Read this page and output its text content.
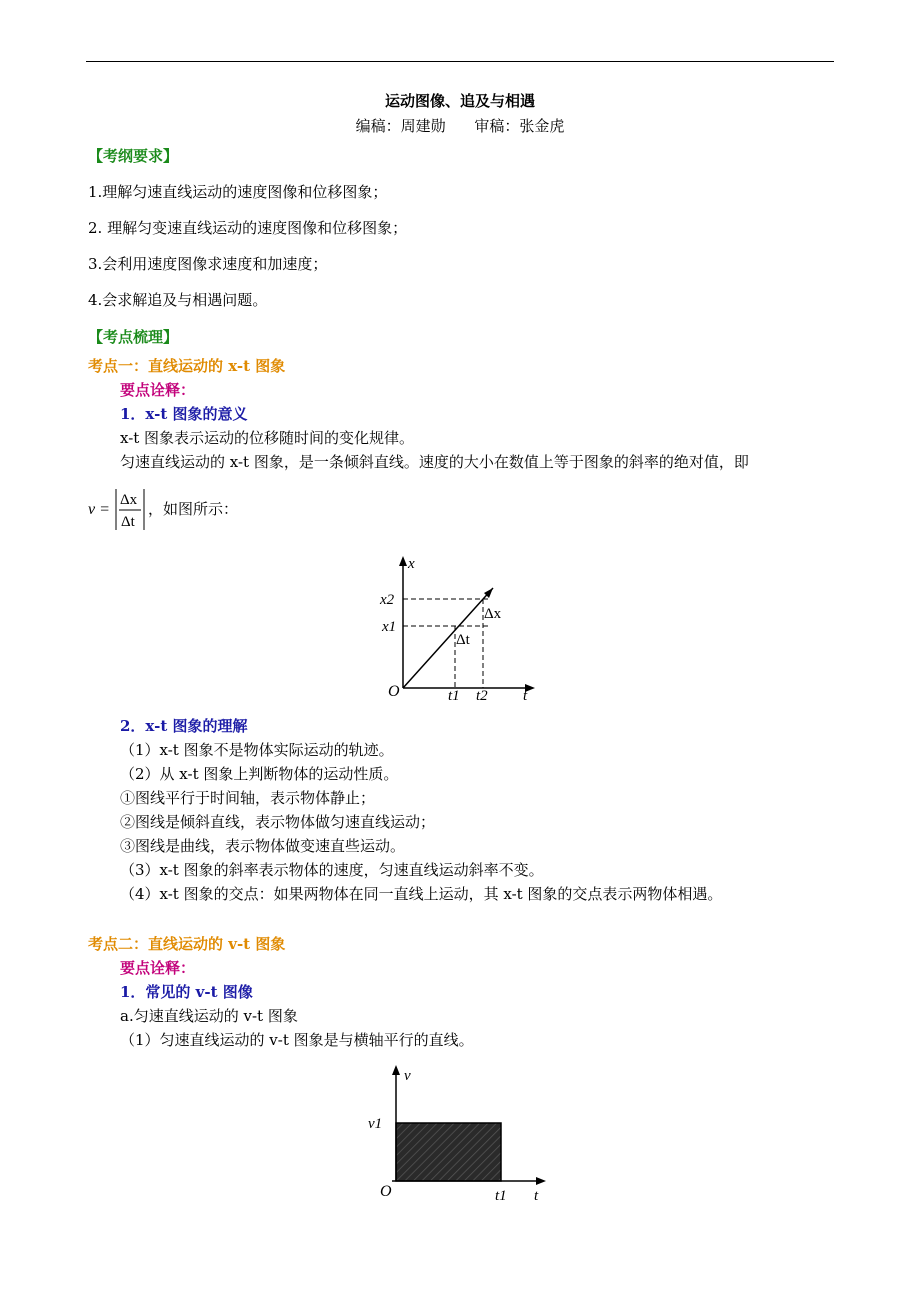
运动图像、追及与相遇
编稿：周建勋 审稿：张金虎
【考纲要求】
1.理解匀速直线运动的速度图像和位移图象；
2. 理解匀变速直线运动的速度图像和位移图象；
3.会利用速度图像求速度和加速度；
4.会求解追及与相遇问题。
【考点梳理】
考点一：直线运动的 x-t 图象
要点诠释：
1．x-t 图象的意义
x-t 图象表示运动的位移随时间的变化规律。
匀速直线运动的 x-t 图象，是一条倾斜直线。速度的大小在数值上等于图象的斜率的绝对值，即
v =
Δx
Δt
，如图所示：
x
x2
x1
Δx
Δt
O	t1 t2 t
2．x-t 图象的理解
（1）x-t 图象不是物体实际运动的轨迹。
（2）从 x-t 图象上判断物体的运动性质。
①图线平行于时间轴，表示物体静止；
②图线是倾斜直线，表示物体做匀速直线运动；
③图线是曲线，表示物体做变速直些运动。
（3）x-t 图象的斜率表示物体的速度，匀速直线运动斜率不变。
（4）x-t 图象的交点：如果两物体在同一直线上运动，其 x-t 图象的交点表示两物体相遇。
考点二：直线运动的 v-t 图象
要点诠释：
1．常见的 v-t 图像
a.匀速直线运动的 v-t 图象
（1）匀速直线运动的 v-t 图象是与横轴平行的直线。
v
v1
O	t1 t
